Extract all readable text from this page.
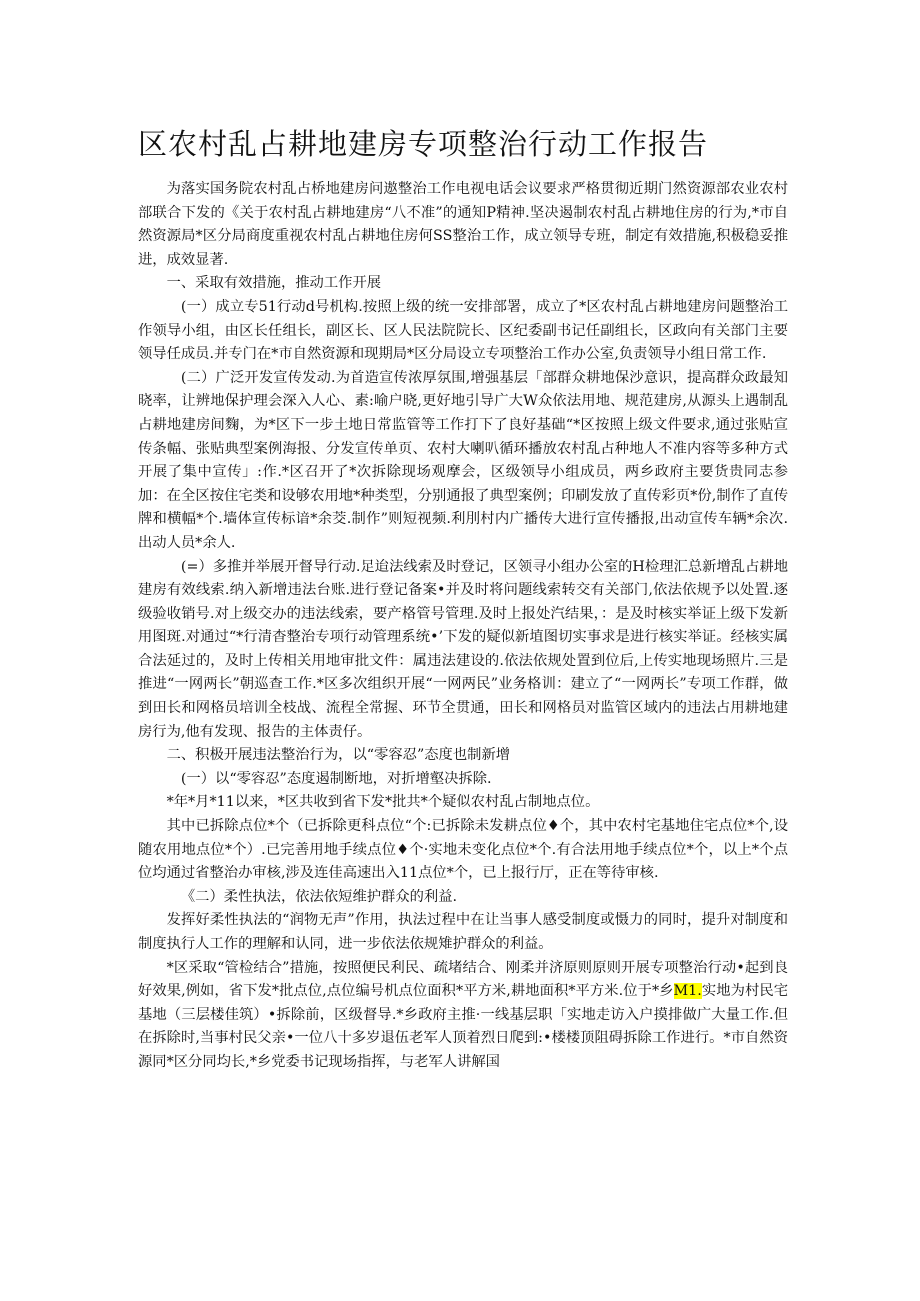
区农村乱占耕地建房专项整治行动工作报告

为落实国务院农村乱占桥地建房问遨整治工作电视电话会议要求严格贯彻近期门然资源部农业农村部联合下发的《关于农村乱占耕地建房“八不准”的通知P精神.坚决遏制农村乱占耕地住房的行为,*市自然资源局*区分局商度重视农村乱占耕地住房何SS整治工作，成立领导专班，制定有效措施,积极稳妥推进，成效显著.

一、采取有效措施，推动工作开展

(一）成立专51行动d号机构.按照上级的统一安排部署，成立了*区农村乱占耕地建房问题整治工作领导小组，由区长任组长，副区长、区人民法院院长、区纪委副书记任副组长，区政向有关部门主要领导任成员.并专门在*市自然资源和现期局*区分局设立专项整治工作办公室,负责领导小组日常工作.

(二）广泛开发宣传发动.为首造宣传浓厚氛围,增强基层「部群众耕地保沙意识，提高群众政最知晓率，让辨地保护理会深入人心、素:喻户晓,更好地引导广大W众依法用地、规范建房,从源头上遇制乱占耕地建房间麴，为*区下一步土地日常监管等工作打下了良好基础“*区按照上级文件要求,通过张贴宣传条幅、张贴典型案例海报、分发宣传单页、农村大喇叭循环播放农村乱占种地人不准内容等多种方式开展了集中宣传」:作.*区召开了*次拆除现场观摩会，区级领导小组成员，两乡政府主要货贵同志参加：在全区按住宅类和设够农用地*种类型，分别通报了典型案例；印刷发放了直传彩页*份,制作了直传牌和横幅*个.墙体宣传标谙*余茭.制作”则短视频.利刖村内广播传大进行宣传播报,出动宣传车辆*余次.出动人员*余人.

(=）多推并举展开督导行动.足迨法线索及时登记，区领寻小组办公室的H检理汇总新增乱占耕地建房有效线索.纳入新增违法台账.进行登记备案•并及时将问题线索转交有关部门,依法依规予以处置.逐级验收销号.对上级交办的违法线索，要产格管号管理.及时上报处汽结果，：是及时核实举证上级下发新用图斑.对通过“*行清杳整治专项行动管理系统•’下发的疑似新埴图切实事求是进行核实举证。经核实属合法延过的，及时上传相关用地审批文件：属违法建设的.依法依规处置到位后,上传实地现场照片.三是推进“一网两长”朝巡查工作.*区多次组织开展“一网两民”业务格训：建立了“一网两长”专项工作群，做到田长和网格员培训全枝战、流程全常握、环节全贯通，田长和网格员对监管区域内的违法占用耕地建房行为,他有发现、报告的主体责仔。

二、积极开展违法整治行为，以“零容忍”态度也制新增

(一）以“零容忍”态度遏制断地，对折增壑决拆除.

*年*月*11以来，*区共收到省下发*批共*个疑似农村乱占制地点位。

其中已拆除点位*个（已拆除更科点位“个:已拆除未发耕点位♦个，其中农村宅基地住宅点位*个,设随农用地点位*个）.已完善用地手续点位♦个·实地未变化点位*个.有合法用地手续点位*个，以上*个点位均通过省整治办审核,涉及连佳高速出入11点位*个，已上报行厅，正在等待审核.

《二）柔性执法，依法依短维护群众的利益.

发挥好柔性执法的“润物无声”作用，执法过程中在让当事人感受制度或慑力的同时，提升对制度和制度执行人工作的理解和认同，进一步依法依规雉护群众的利益。

*区采取“管检结合”措施，按照便民利民、疏堵结合、刚柔并济原则原则开展专项整治行动•起到良好效果,例如，省下发*批点位,点位编号机点位面积*平方米,耕地面积*平方米.位于*乡M1.实地为村民宅基地（三层楼佳筑）•拆除前，区级督导.*乡政府主推·一线基层职「实地走访入户摸排做广大量工作.但在拆除时,当事村民父亲•一位八十多岁退伍老军人顶着烈日爬到:•楼楼顶阻碍拆除工作进行。*市自然资源同*区分同均长,*乡党委书记现场指挥，与老军人讲解国
